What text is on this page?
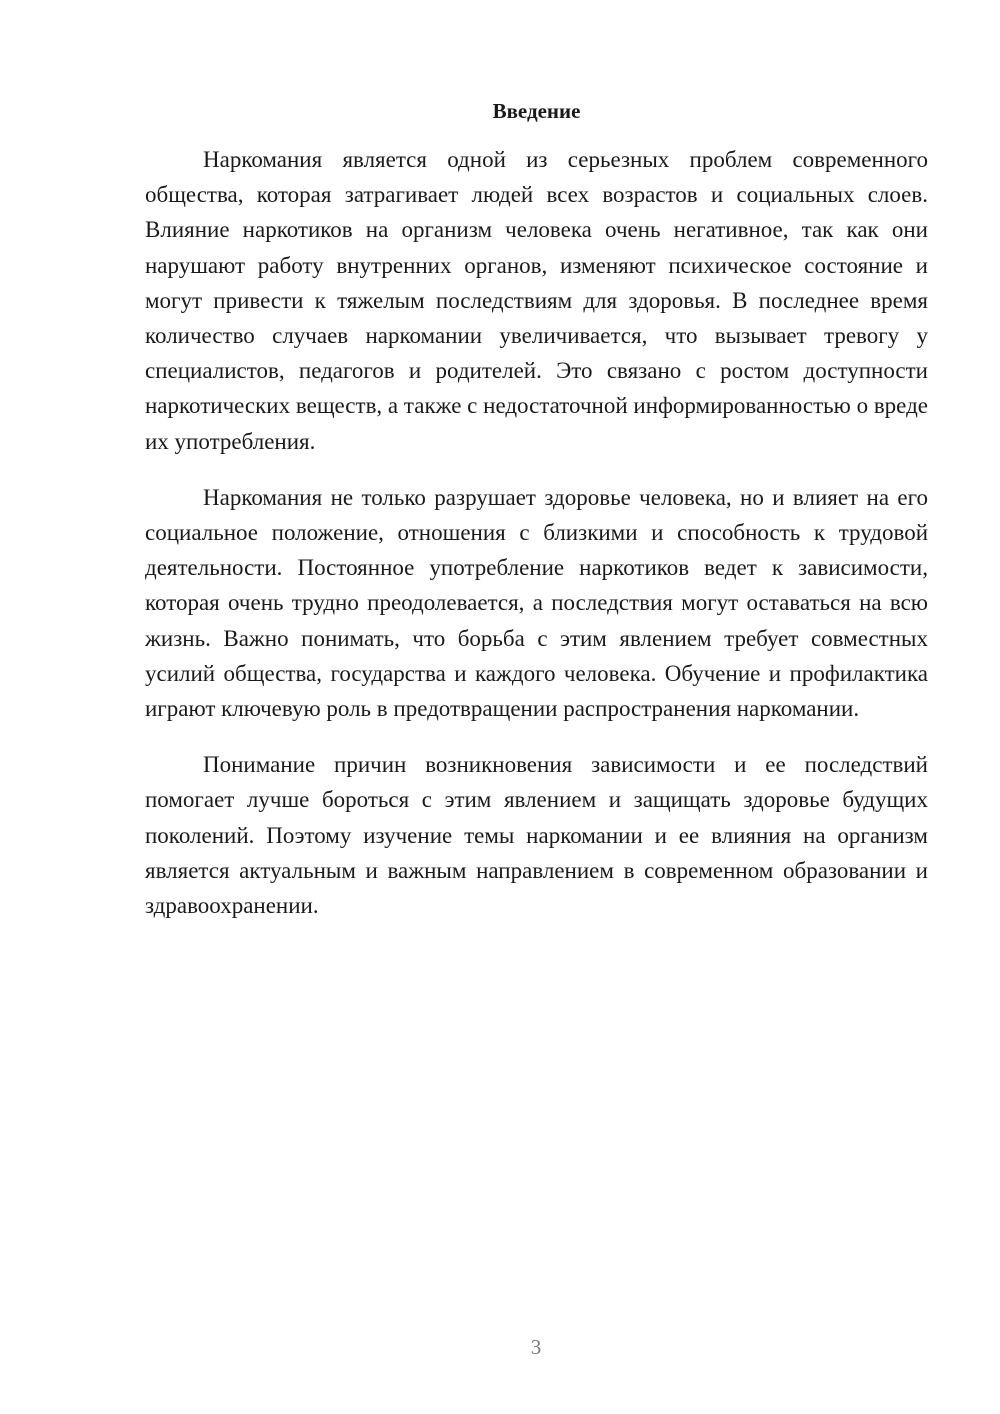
Введение

Наркомания является одной из серьезных проблем современного общества, которая затрагивает людей всех возрастов и социальных слоев. Влияние наркотиков на организм человека очень негативное, так как они нарушают работу внутренних органов, изменяют психическое состояние и могут привести к тяжелым последствиям для здоровья. В последнее время количество случаев наркомании увеличивается, что вызывает тревогу у специалистов, педагогов и родителей. Это связано с ростом доступности наркотических веществ, а также с недостаточной информированностью о вреде их употребления.

Наркомания не только разрушает здоровье человека, но и влияет на его социальное положение, отношения с близкими и способность к трудовой деятельности. Постоянное употребление наркотиков ведет к зависимости, которая очень трудно преодолевается, а последствия могут оставаться на всю жизнь. Важно понимать, что борьба с этим явлением требует совместных усилий общества, государства и каждого человека. Обучение и профилактика играют ключевую роль в предотвращении распространения наркомании.

Понимание причин возникновения зависимости и ее последствий помогает лучше бороться с этим явлением и защищать здоровье будущих поколений. Поэтому изучение темы наркомании и ее влияния на организм является актуальным и важным направлением в современном образовании и здравоохранении.

3
